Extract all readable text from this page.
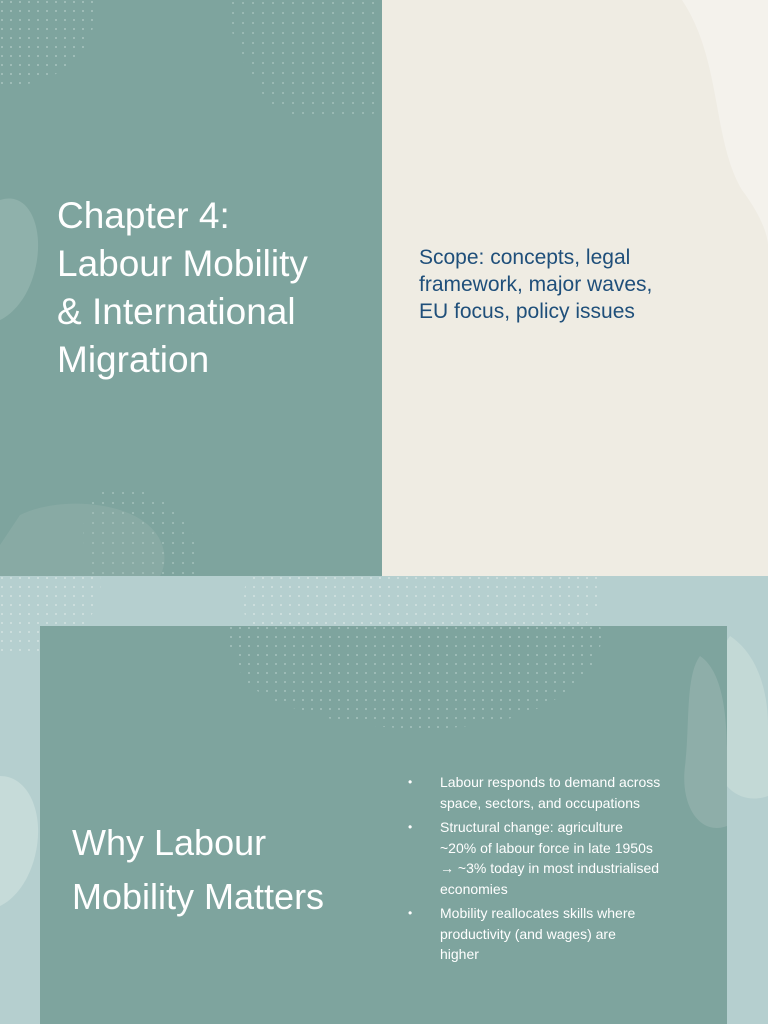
Chapter 4:
Labour Mobility
& International
Migration

Scope: concepts, legal
framework, major waves,
EU focus, policy issues

Why Labour
Mobility Matters
• Labour responds to demand across
space, sectors, and occupations
• Structural change: agriculture
~20% of labour force in late 1950s
→ ~3% today in most industrialised
economies
• Mobility reallocates skills where
productivity (and wages) are
higher
